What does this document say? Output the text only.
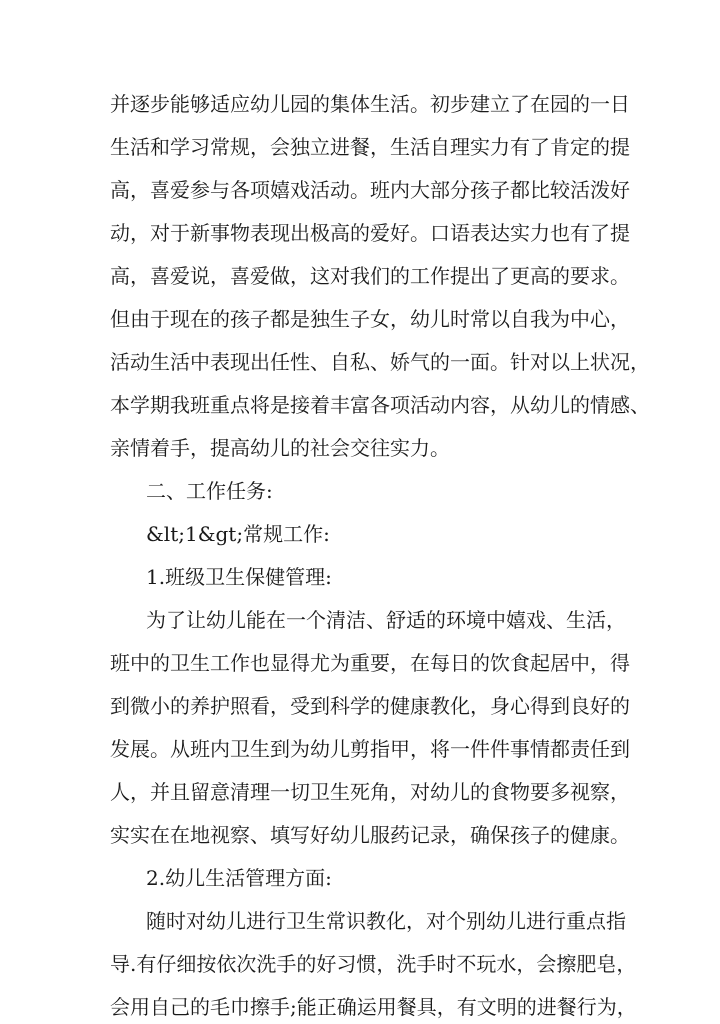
并逐步能够适应幼儿园的集体生活。初步建立了在园的一日
生活和学习常规，会独立进餐，生活自理实力有了肯定的提
高，喜爱参与各项嬉戏活动。班内大部分孩子都比较活泼好
动，对于新事物表现出极高的爱好。口语表达实力也有了提
高，喜爱说，喜爱做，这对我们的工作提出了更高的要求。
但由于现在的孩子都是独生子女，幼儿时常以自我为中心，
活动生活中表现出任性、自私、娇气的一面。针对以上状况，
本学期我班重点将是接着丰富各项活动内容，从幼儿的情感、
亲情着手，提高幼儿的社会交往实力。
二、工作任务:
&lt;1&gt;常规工作:
1.班级卫生保健管理:
为了让幼儿能在一个清洁、舒适的环境中嬉戏、生活，
班中的卫生工作也显得尤为重要，在每日的饮食起居中，得
到微小的养护照看，受到科学的健康教化，身心得到良好的
发展。从班内卫生到为幼儿剪指甲，将一件件事情都责任到
人，并且留意清理一切卫生死角，对幼儿的食物要多视察，
实实在在地视察、填写好幼儿服药记录，确保孩子的健康。
2.幼儿生活管理方面:
随时对幼儿进行卫生常识教化，对个别幼儿进行重点指
导.有仔细按依次洗手的好习惯，洗手时不玩水，会擦肥皂，
会用自己的毛巾擦手;能正确运用餐具，有文明的进餐行为，
